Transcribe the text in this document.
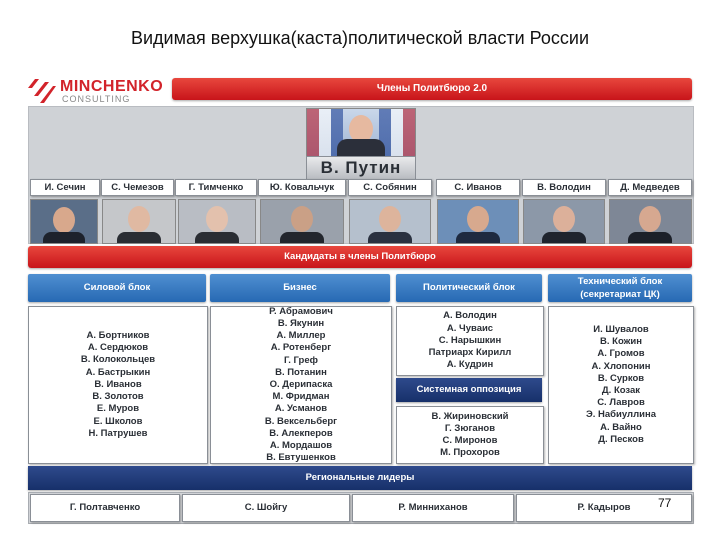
Видимая верхушка(каста)политической власти России
MINCHENKO
CONSULTING
Члены Политбюро 2.0
В. Путин
И. Сечин	С. Чемезов	Г. Тимченко	Ю. Ковальчук	С. Собянин	С. Иванов	В. Володин	Д. Медведев
Кандидаты в члены Политбюро
Силовой блок	Бизнес	Политический блок
Технический блок
(секретариат ЦК)
А. Бортников
А. Сердюков
В. Колокольцев
А. Бастрыкин
В. Иванов
В. Золотов
Е. Муров
Е. Школов
Н. Патрушев
Р. Абрамович
В. Якунин
А. Миллер
А. Ротенберг
Г. Греф
В. Потанин
О. Дерипаска
М. Фридман
А. Усманов
В. Вексельберг
В. Алекперов
А. Мордашов
В. Евтушенков
А. Володин
А. Чуваис
С. Нарышкин
Патриарх Кирилл
А. Кудрин
Системная оппозиция
В. Жириновский
Г. Зюганов
С. Миронов
М. Прохоров
И. Шувалов
В. Кожин
А. Громов
А. Хлопонин
В. Сурков
Д. Козак
С. Лавров
Э. Набиуллина
А. Вайно
Д. Песков
Региональные лидеры
Г. Полтавченко	С. Шойгу	Р. Минниханов	Р. Кадыров	77
